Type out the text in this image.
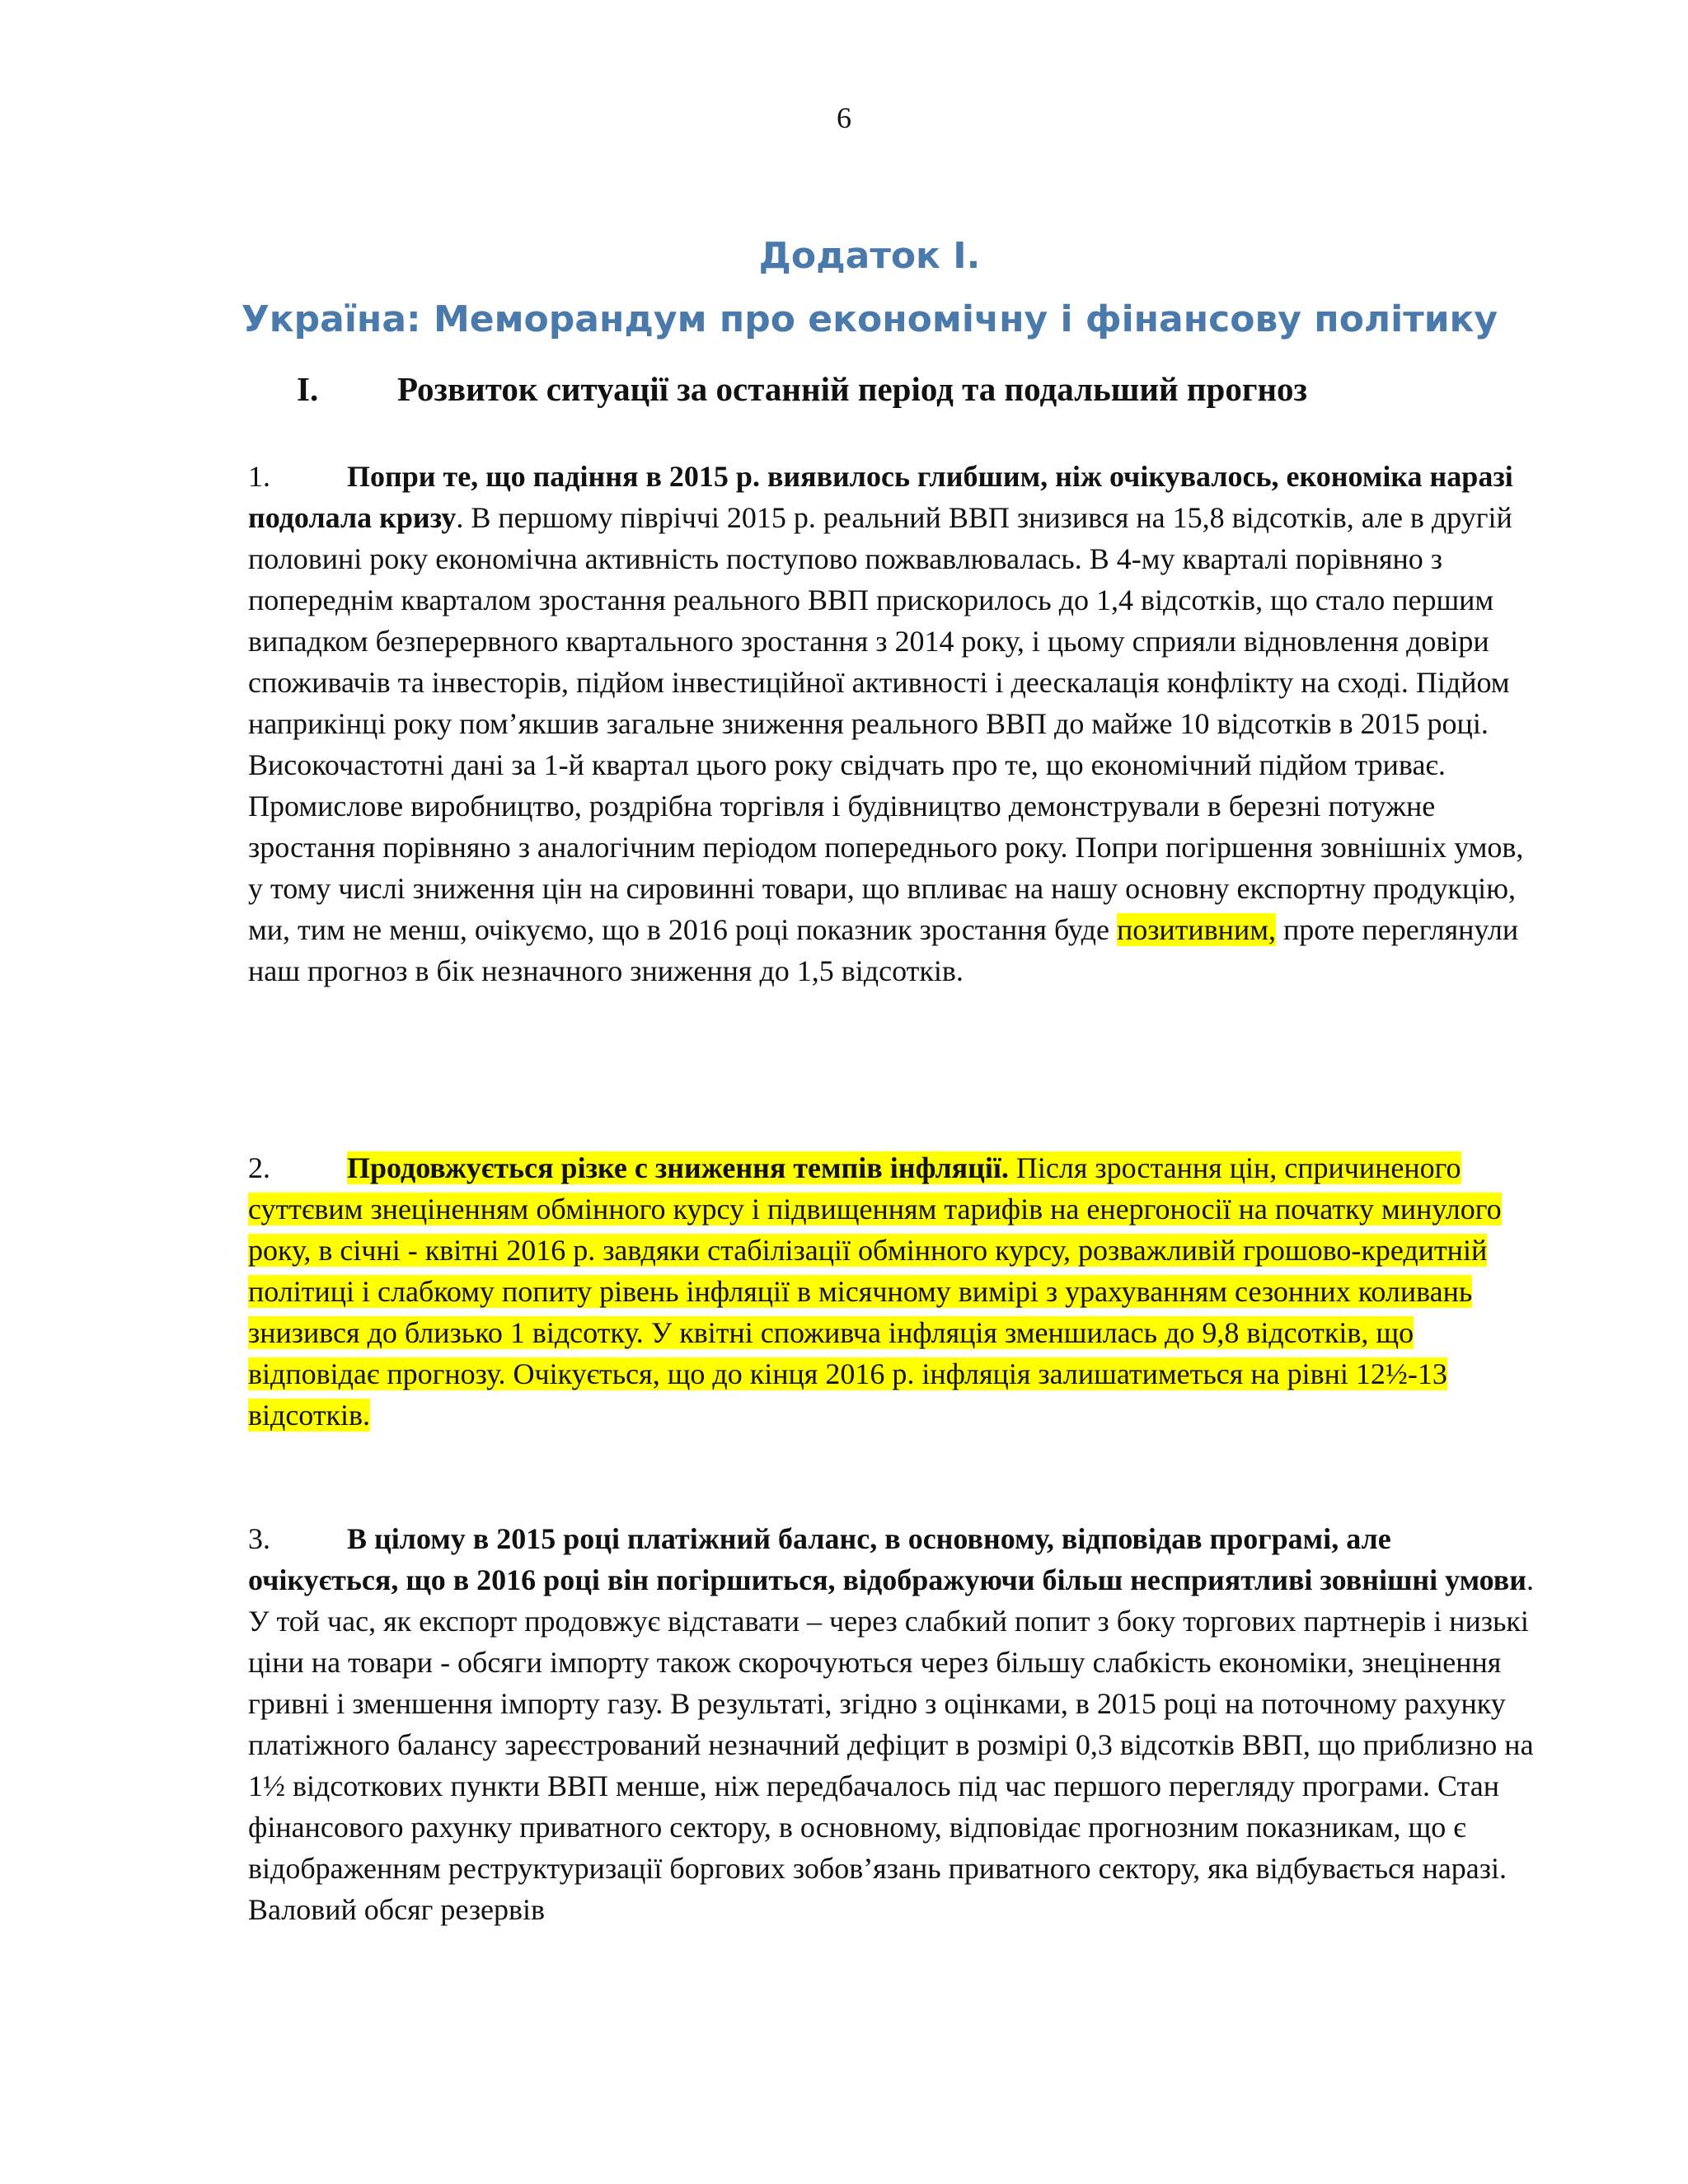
6
Додаток I.
Україна: Меморандум про економічну і фінансову політику
I. Розвиток ситуації за останній період та подальший прогноз
1.	Попри те, що падіння в 2015 р. виявилось глибшим, ніж очікувалось, економіка наразі подолала кризу. В першому півріччі 2015 р. реальний ВВП знизився на 15,8 відсотків, але в другій половині року економічна активність поступово пожвавлювалась. В 4-му кварталі порівняно з попереднім кварталом зростання реального ВВП прискорилось до 1,4 відсотків, що стало першим випадком безперервного квартального зростання з 2014 року, і цьому сприяли відновлення довіри споживачів та інвесторів, підйом інвестиційної активності і деескалація конфлікту на сході. Підйом наприкінці року пом’якшив загальне зниження реального ВВП до майже 10 відсотків в 2015 році. Високочастотні дані за 1-й квартал цього року свідчать про те, що економічний підйом триває. Промислове виробництво, роздрібна торгівля і будівництво демонстрували в березні потужне зростання порівняно з аналогічним періодом попереднього року. Попри погіршення зовнішніх умов, у тому числі зниження цін на сировинні товари, що впливає на нашу основну експортну продукцію, ми, тим не менш, очікуємо, що в 2016 році показник зростання буде позитивним, проте переглянули наш прогноз в бік незначного зниження до 1,5 відсотків.
2.	Продовжується різке с зниження темпів інфляції. Після зростання цін, спричиненого суттєвим знеціненням обмінного курсу і підвищенням тарифів на енергоносії на початку минулого року, в січні - квітні 2016 р. завдяки стабілізації обмінного курсу, розважливій грошово-кредитній політиці і слабкому попиту рівень інфляції в місячному вимірі з урахуванням сезонних коливань знизився до близько 1 відсотку. У квітні споживча інфляція зменшилась до 9,8 відсотків, що відповідає прогнозу. Очікується, що до кінця 2016 р. інфляція залишатиметься на рівні 12½-13 відсотків.
3.	В цілому в 2015 році платіжний баланс, в основному, відповідав програмі, але очікується, що в 2016 році він погіршиться, відображуючи більш несприятливі зовнішні умови. У той час, як експорт продовжує відставати – через слабкий попит з боку торгових партнерів і низькі ціни на товари - обсяги імпорту також скорочуються через більшу слабкість економіки, знецінення гривні і зменшення імпорту газу. В результаті, згідно з оцінками, в 2015 році на поточному рахунку платіжного балансу зареєстрований незначний дефіцит в розмірі 0,3 відсотків ВВП, що приблизно на 1½ відсоткових пункти ВВП менше, ніж передбачалось під час першого перегляду програми. Стан фінансового рахунку приватного сектору, в основному, відповідає прогнозним показникам, що є відображенням реструктуризації боргових зобов’язань приватного сектору, яка відбувається наразі. Валовий обсяг резервів
